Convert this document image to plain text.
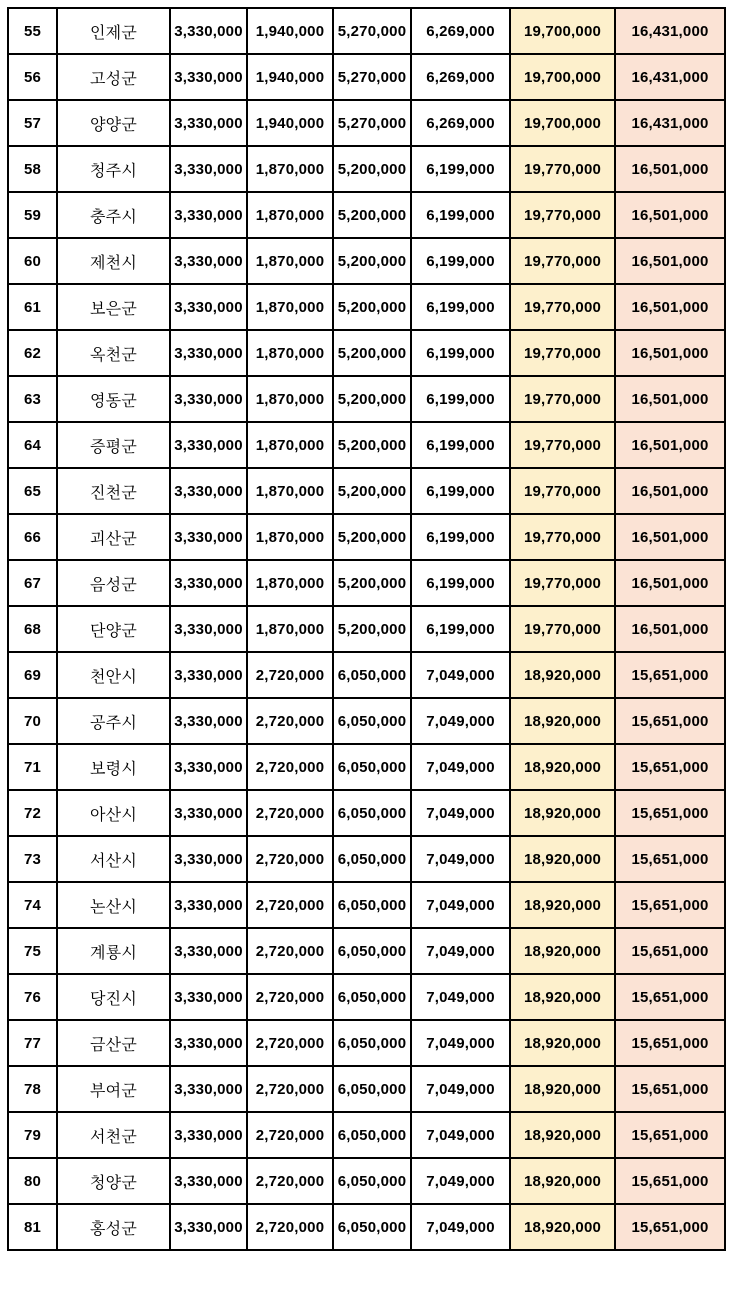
55	인제군	3,330,000	1,940,000	5,270,000	6,269,000	19,700,000	16,431,000
56	고성군	3,330,000	1,940,000	5,270,000	6,269,000	19,700,000	16,431,000
57	양양군	3,330,000	1,940,000	5,270,000	6,269,000	19,700,000	16,431,000
58	청주시	3,330,000	1,870,000	5,200,000	6,199,000	19,770,000	16,501,000
59	충주시	3,330,000	1,870,000	5,200,000	6,199,000	19,770,000	16,501,000
60	제천시	3,330,000	1,870,000	5,200,000	6,199,000	19,770,000	16,501,000
61	보은군	3,330,000	1,870,000	5,200,000	6,199,000	19,770,000	16,501,000
62	옥천군	3,330,000	1,870,000	5,200,000	6,199,000	19,770,000	16,501,000
63	영동군	3,330,000	1,870,000	5,200,000	6,199,000	19,770,000	16,501,000
64	증평군	3,330,000	1,870,000	5,200,000	6,199,000	19,770,000	16,501,000
65	진천군	3,330,000	1,870,000	5,200,000	6,199,000	19,770,000	16,501,000
66	괴산군	3,330,000	1,870,000	5,200,000	6,199,000	19,770,000	16,501,000
67	음성군	3,330,000	1,870,000	5,200,000	6,199,000	19,770,000	16,501,000
68	단양군	3,330,000	1,870,000	5,200,000	6,199,000	19,770,000	16,501,000
69	천안시	3,330,000	2,720,000	6,050,000	7,049,000	18,920,000	15,651,000
70	공주시	3,330,000	2,720,000	6,050,000	7,049,000	18,920,000	15,651,000
71	보령시	3,330,000	2,720,000	6,050,000	7,049,000	18,920,000	15,651,000
72	아산시	3,330,000	2,720,000	6,050,000	7,049,000	18,920,000	15,651,000
73	서산시	3,330,000	2,720,000	6,050,000	7,049,000	18,920,000	15,651,000
74	논산시	3,330,000	2,720,000	6,050,000	7,049,000	18,920,000	15,651,000
75	계룡시	3,330,000	2,720,000	6,050,000	7,049,000	18,920,000	15,651,000
76	당진시	3,330,000	2,720,000	6,050,000	7,049,000	18,920,000	15,651,000
77	금산군	3,330,000	2,720,000	6,050,000	7,049,000	18,920,000	15,651,000
78	부여군	3,330,000	2,720,000	6,050,000	7,049,000	18,920,000	15,651,000
79	서천군	3,330,000	2,720,000	6,050,000	7,049,000	18,920,000	15,651,000
80	청양군	3,330,000	2,720,000	6,050,000	7,049,000	18,920,000	15,651,000
81	홍성군	3,330,000	2,720,000	6,050,000	7,049,000	18,920,000	15,651,000
